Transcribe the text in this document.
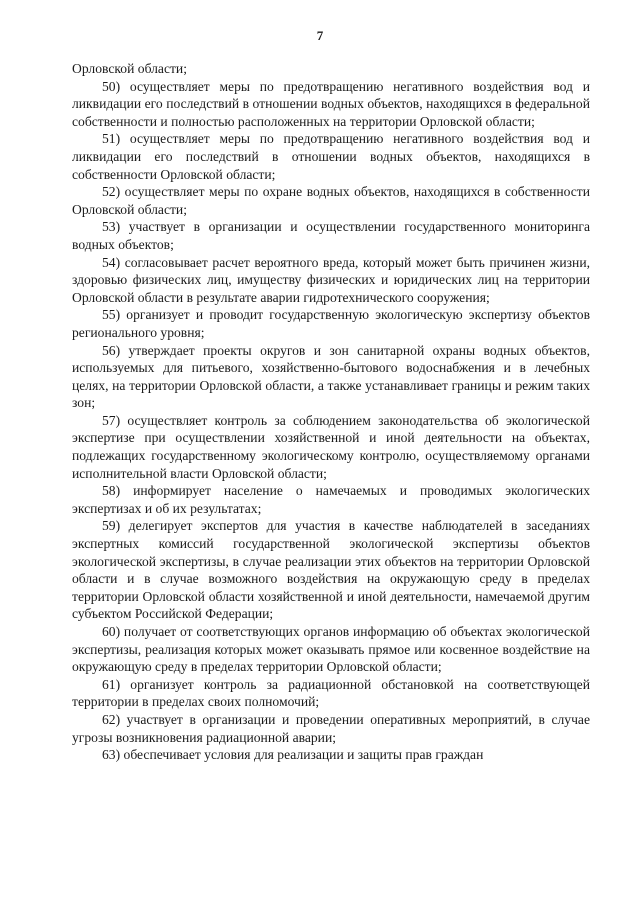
7

Орловской области;

50) осуществляет меры по предотвращению негативного воздействия вод и ликвидации его последствий в отношении водных объектов, находящихся в федеральной собственности и полностью расположенных на территории Орловской области;

51) осуществляет меры по предотвращению негативного воздействия вод и ликвидации его последствий в отношении водных объектов, находящихся в собственности Орловской области;

52) осуществляет меры по охране водных объектов, находящихся в собственности Орловской области;

53) участвует в организации и осуществлении государственного мониторинга водных объектов;

54) согласовывает расчет вероятного вреда, который может быть причинен жизни, здоровью физических лиц, имуществу физических и юридических лиц на территории Орловской области в результате аварии гидротехнического сооружения;

55) организует и проводит государственную экологическую экспертизу объектов регионального уровня;

56) утверждает проекты округов и зон санитарной охраны водных объектов, используемых для питьевого, хозяйственно-бытового водоснабжения и в лечебных целях, на территории Орловской области, а также устанавливает границы и режим таких зон;

57) осуществляет контроль за соблюдением законодательства об экологической экспертизе при осуществлении хозяйственной и иной деятельности на объектах, подлежащих государственному экологическому контролю, осуществляемому органами исполнительной власти Орловской области;

58) информирует население о намечаемых и проводимых экологических экспертизах и об их результатах;

59) делегирует экспертов для участия в качестве наблюдателей в заседаниях экспертных комиссий государственной экологической экспертизы объектов экологической экспертизы, в случае реализации этих объектов на территории Орловской области и в случае возможного воздействия на окружающую среду в пределах территории Орловской области хозяйственной и иной деятельности, намечаемой другим субъектом Российской Федерации;

60) получает от соответствующих органов информацию об объектах экологической экспертизы, реализация которых может оказывать прямое или косвенное воздействие на окружающую среду в пределах территории Орловской области;

61) организует контроль за радиационной обстановкой на соответствующей территории в пределах своих полномочий;

62) участвует в организации и проведении оперативных мероприятий, в случае угрозы возникновения радиационной аварии;

63) обеспечивает условия для реализации и защиты прав граждан
